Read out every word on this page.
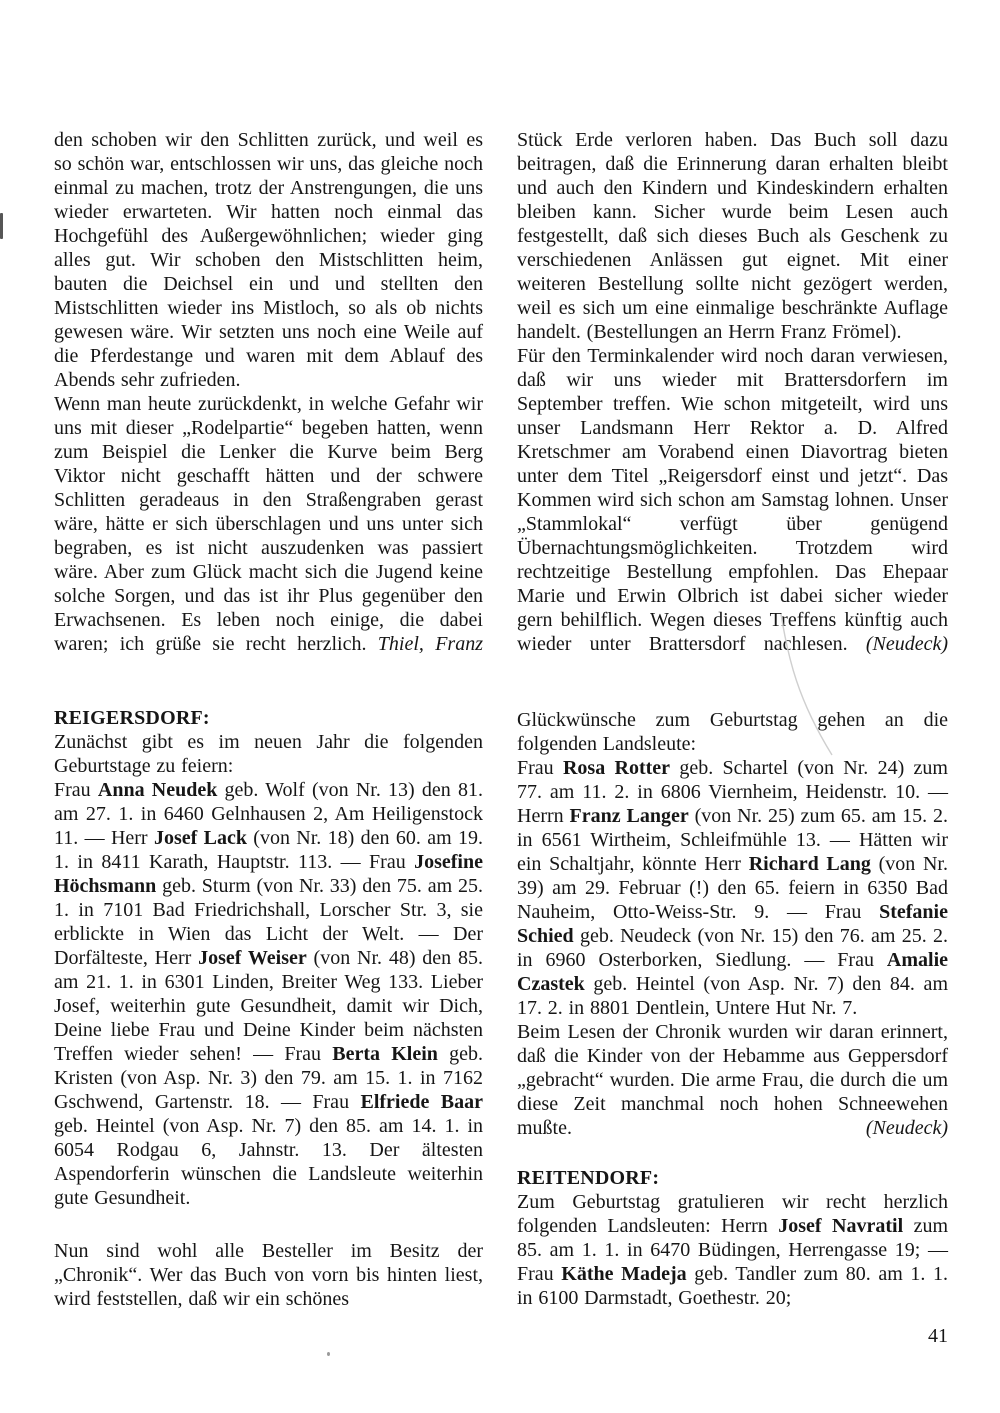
den schoben wir den Schlitten zurück, und weil es so schön war, entschlossen wir uns, das gleiche noch einmal zu machen, trotz der Anstrengungen, die uns wieder erwarteten. Wir hatten noch einmal das Hochgefühl des Außergewöhnlichen; wieder ging alles gut. Wir schoben den Mistschlitten heim, bauten die Deichsel ein und und stellten den Mistschlitten wieder ins Mistloch, so als ob nichts gewesen wäre. Wir setzten uns noch eine Weile auf die Pferdestange und waren mit dem Ablauf des Abends sehr zufrieden.

Wenn man heute zurückdenkt, in welche Gefahr wir uns mit dieser „Rodelpartie“ begeben hatten, wenn zum Beispiel die Lenker die Kurve beim Berg Viktor nicht geschafft hätten und der schwere Schlitten geradeaus in den Straßengraben gerast wäre, hätte er sich überschlagen und uns unter sich begraben, es ist nicht auszudenken was passiert wäre. Aber zum Glück macht sich die Jugend keine solche Sorgen, und das ist ihr Plus gegenüber den Erwachsenen. Es leben noch einige, die dabei waren; ich grüße sie recht herzlich. Thiel, Franz

REIGERSDORF:

Zunächst gibt es im neuen Jahr die folgenden Geburtstage zu feiern:

Frau Anna Neudek geb. Wolf (von Nr. 13) den 81. am 27. 1. in 6460 Gelnhausen 2, Am Heiligenstock 11. — Herr Josef Lack (von Nr. 18) den 60. am 19. 1. in 8411 Karath, Hauptstr. 113. — Frau Josefine Höchsmann geb. Sturm (von Nr. 33) den 75. am 25. 1. in 7101 Bad Friedrichshall, Lorscher Str. 3, sie erblickte in Wien das Licht der Welt. — Der Dorfälteste, Herr Josef Weiser (von Nr. 48) den 85. am 21. 1. in 6301 Linden, Breiter Weg 133. Lieber Josef, weiterhin gute Gesundheit, damit wir Dich, Deine liebe Frau und Deine Kinder beim nächsten Treffen wieder sehen! — Frau Berta Klein geb. Kristen (von Asp. Nr. 3) den 79. am 15. 1. in 7162 Gschwend, Gartenstr. 18. — Frau Elfriede Baar geb. Heintel (von Asp. Nr. 7) den 85. am 14. 1. in 6054 Rodgau 6, Jahnstr. 13. Der ältesten Aspendorferin wünschen die Landsleute weiterhin gute Gesundheit.

Nun sind wohl alle Besteller im Besitz der „Chronik“. Wer das Buch von vorn bis hinten liest, wird feststellen, daß wir ein schönes

Stück Erde verloren haben. Das Buch soll dazu beitragen, daß die Erinnerung daran erhalten bleibt und auch den Kindern und Kindeskindern erhalten bleiben kann. Sicher wurde beim Lesen auch festgestellt, daß sich dieses Buch als Geschenk zu verschiedenen Anlässen gut eignet. Mit einer weiteren Bestellung sollte nicht gezögert werden, weil es sich um eine einmalige beschränkte Auflage handelt. (Bestellungen an Herrn Franz Frömel).

Für den Terminkalender wird noch daran verwiesen, daß wir uns wieder mit Brattersdorfern im September treffen. Wie schon mitgeteilt, wird uns unser Landsmann Herr Rektor a. D. Alfred Kretschmer am Vorabend einen Diavortrag bieten unter dem Titel „Reigersdorf einst und jetzt“. Das Kommen wird sich schon am Samstag lohnen. Unser „Stammlokal“ verfügt über genügend Übernachtungsmöglichkeiten. Trotzdem wird rechtzeitige Bestellung empfohlen. Das Ehepaar Marie und Erwin Olbrich ist dabei sicher wieder gern behilflich. Wegen dieses Treffens künftig auch wieder unter Brattersdorf nachlesen. (Neudeck)

Glückwünsche zum Geburtstag gehen an die folgenden Landsleute:

Frau Rosa Rotter geb. Schartel (von Nr. 24) zum 77. am 11. 2. in 6806 Viernheim, Heidenstr. 10. — Herrn Franz Langer (von Nr. 25) zum 65. am 15. 2. in 6561 Wirtheim, Schleifmühle 13. — Hätten wir ein Schaltjahr, könnte Herr Richard Lang (von Nr. 39) am 29. Februar (!) den 65. feiern in 6350 Bad Nauheim, Otto-Weiss-Str. 9. — Frau Stefanie Schied geb. Neudeck (von Nr. 15) den 76. am 25. 2. in 6960 Osterborken, Siedlung. — Frau Amalie Czastek geb. Heintel (von Asp. Nr. 7) den 84. am 17. 2. in 8801 Dentlein, Untere Hut Nr. 7.

Beim Lesen der Chronik wurden wir daran erinnert, daß die Kinder von der Hebamme aus Geppersdorf „gebracht“ wurden. Die arme Frau, die durch die um diese Zeit manchmal noch hohen Schneewehen mußte. (Neudeck)

REITENDORF:

Zum Geburtstag gratulieren wir recht herzlich folgenden Landsleuten: Herrn Josef Navratil zum 85. am 1. 1. in 6470 Büdingen, Herrengasse 19; — Frau Käthe Madeja geb. Tandler zum 80. am 1. 1. in 6100 Darmstadt, Goethestr. 20;

41
